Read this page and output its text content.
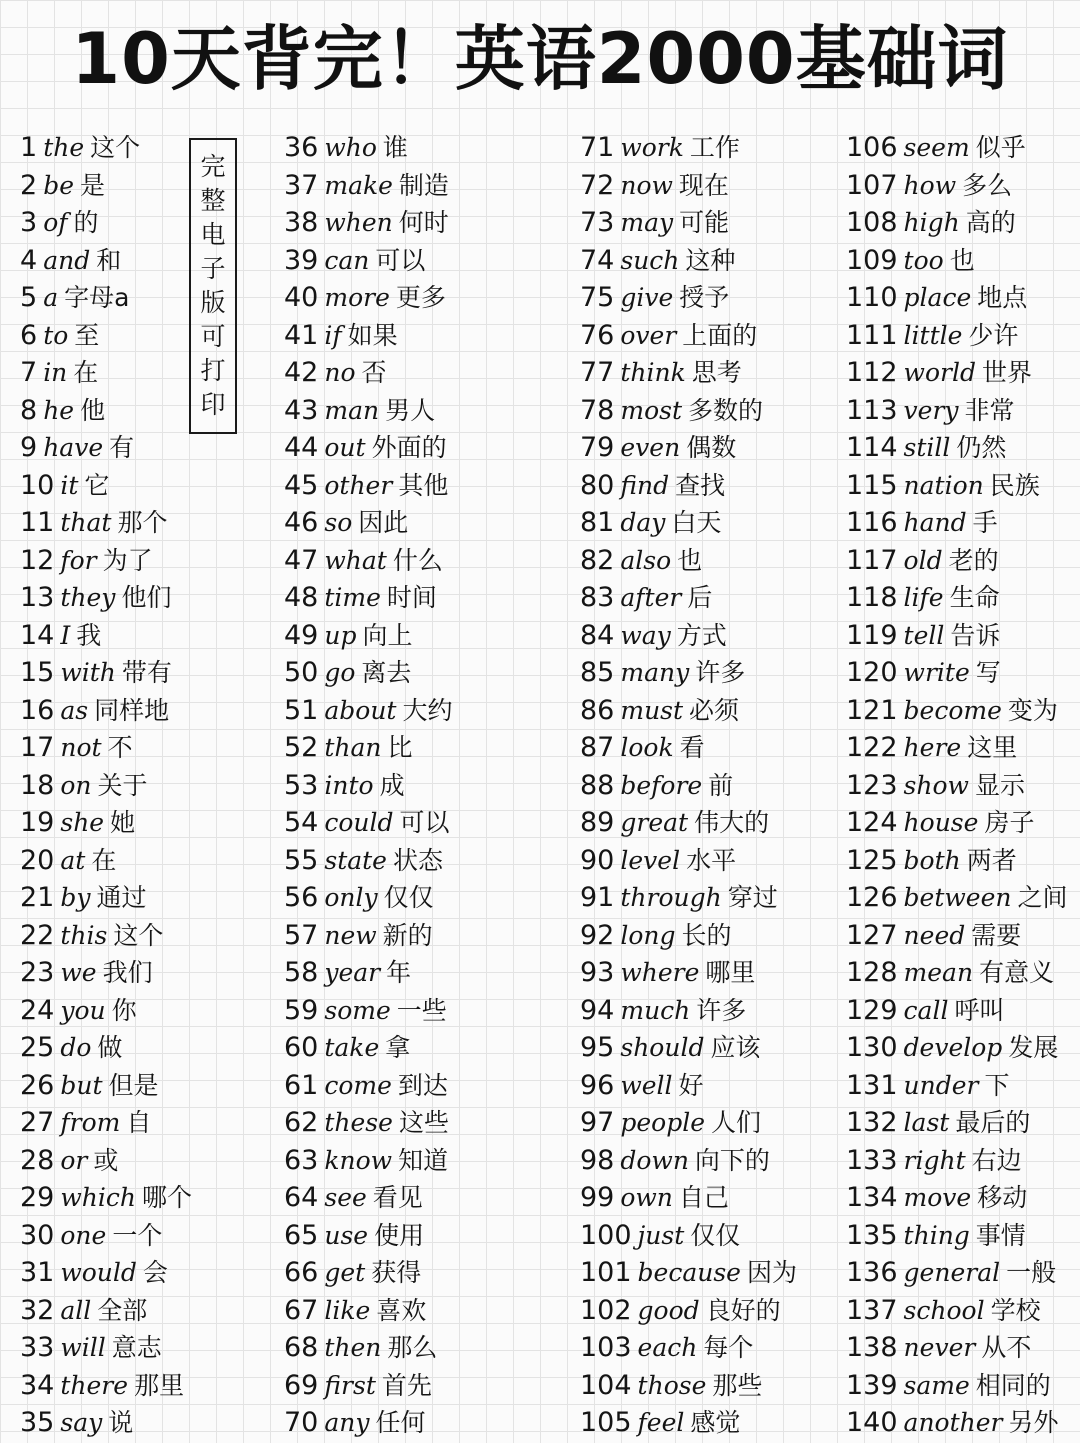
10天背完！英语2000基础词
1 the 这个
2 be 是
3 of 的
4 and 和
5 a 字母a
6 to 至
7 in 在
8 he 他
9 have 有
10 it 它
11 that 那个
12 for 为了
13 they 他们
14 I 我
15 with 带有
16 as 同样地
17 not 不
18 on 关于
19 she 她
20 at 在
21 by 通过
22 this 这个
23 we 我们
24 you 你
25 do 做
26 but 但是
27 from 自
28 or 或
29 which 哪个
30 one 一个
31 would 会
32 all 全部
33 will 意志
34 there 那里
35 say 说
36 who 谁
37 make 制造
38 when 何时
39 can 可以
40 more 更多
41 if 如果
42 no 否
43 man 男人
44 out 外面的
45 other 其他
46 so 因此
47 what 什么
48 time 时间
49 up 向上
50 go 离去
51 about 大约
52 than 比
53 into 成
54 could 可以
55 state 状态
56 only 仅仅
57 new 新的
58 year 年
59 some 一些
60 take 拿
61 come 到达
62 these 这些
63 know 知道
64 see 看见
65 use 使用
66 get 获得
67 like 喜欢
68 then 那么
69 first 首先
70 any 任何
71 work 工作
72 now 现在
73 may 可能
74 such 这种
75 give 授予
76 over 上面的
77 think 思考
78 most 多数的
79 even 偶数
80 find 查找
81 day 白天
82 also 也
83 after 后
84 way 方式
85 many 许多
86 must 必须
87 look 看
88 before 前
89 great 伟大的
90 level 水平
91 through 穿过
92 long 长的
93 where 哪里
94 much 许多
95 should 应该
96 well 好
97 people 人们
98 down 向下的
99 own 自己
100 just 仅仅
101 because 因为
102 good 良好的
103 each 每个
104 those 那些
105 feel 感觉
106 seem 似乎
107 how 多么
108 high 高的
109 too 也
110 place 地点
111 little 少许
112 world 世界
113 very 非常
114 still 仍然
115 nation 民族
116 hand 手
117 old 老的
118 life 生命
119 tell 告诉
120 write 写
121 become 变为
122 here 这里
123 show 显示
124 house 房子
125 both 两者
126 between 之间
127 need 需要
128 mean 有意义
129 call 呼叫
130 develop 发展
131 under 下
132 last 最后的
133 right 右边
134 move 移动
135 thing 事情
136 general 一般
137 school 学校
138 never 从不
139 same 相同的
140 another 另外
完
整
电
子
版
可
打
印
